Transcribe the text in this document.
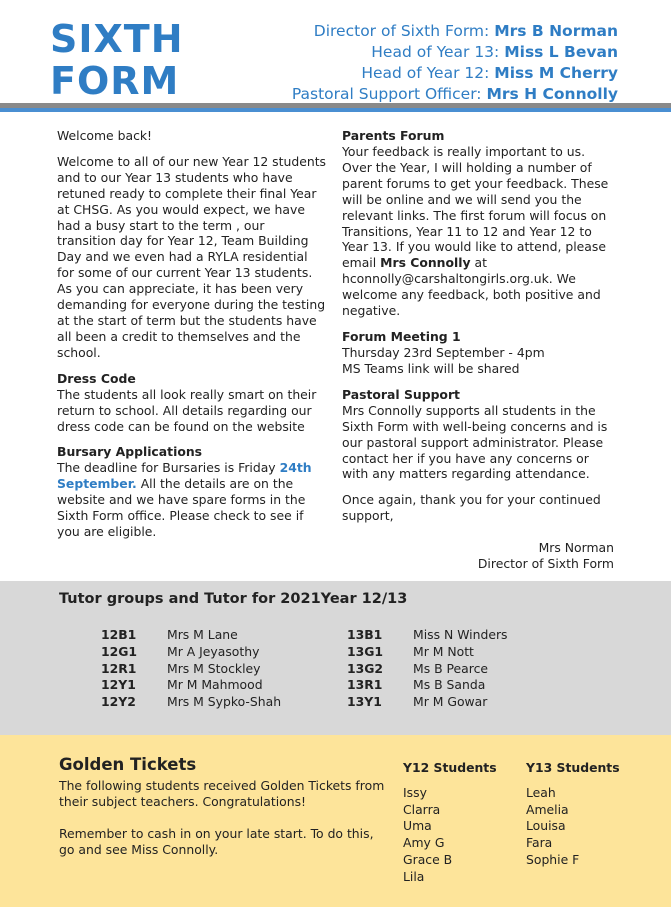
SIXTH
FORM
Director of Sixth Form: Mrs B Norman
Head of Year 13: Miss L Bevan
Head of Year 12: Miss M Cherry
Pastoral Support Officer: Mrs H Connolly

Welcome back!

Welcome to all of our new Year 12 students and to our Year 13 students who have retuned ready to complete their final Year at CHSG. As you would expect, we have had a busy start to the term , our transition day for Year 12, Team Building Day and we even had a RYLA residential for some of our current Year 13 students. As you can appreciate, it has been very demanding for everyone during the testing at the start of term but the students have all been a credit to themselves and the school.

Dress Code

The students all look really smart on their return to school. All details regarding our dress code can be found on the website

Bursary Applications

The deadline for Bursaries is Friday 24th September. All the details are on the website and we have spare forms in the Sixth Form office. Please check to see if you are eligible.

Parents Forum

Your feedback is really important to us. Over the Year, I will holding a number of parent forums to get your feedback. These will be online and we will send you the relevant links. The first forum will focus on Transitions, Year 11 to 12 and Year 12 to Year 13. If you would like to attend, please email Mrs Connolly at hconnolly@carshaltongirls.org.uk. We welcome any feedback, both positive and negative.

Forum Meeting 1

Thursday 23rd September - 4pm
MS Teams link will be shared

Pastoral Support

Mrs Connolly supports all students in the Sixth Form with well-being concerns and is our pastoral support administrator. Please contact her if you have any concerns or with any matters regarding attendance.

Once again, thank you for your continued support,

Mrs Norman
Director of Sixth Form
Tutor groups and Tutor for 2021Year 12/13
12B1	Mrs M Lane
12G1	Mr A Jeyasothy
12R1	Mrs M Stockley
12Y1	Mr M Mahmood
12Y2	Mrs M Sypko-Shah
13B1	Miss N Winders
13G1	Mr M Nott
13G2	Ms B Pearce
13R1	Ms B Sanda
13Y1	Mr M Gowar
Golden Tickets

The following students received Golden Tickets from their subject teachers. Congratulations!

Remember to cash in on your late start. To do this, go and see Miss Connolly.

Y12 Students
Issy
Clarra
Uma
Amy G
Grace B
Lila
Y13 Students
Leah
Amelia
Louisa
Fara
Sophie F
